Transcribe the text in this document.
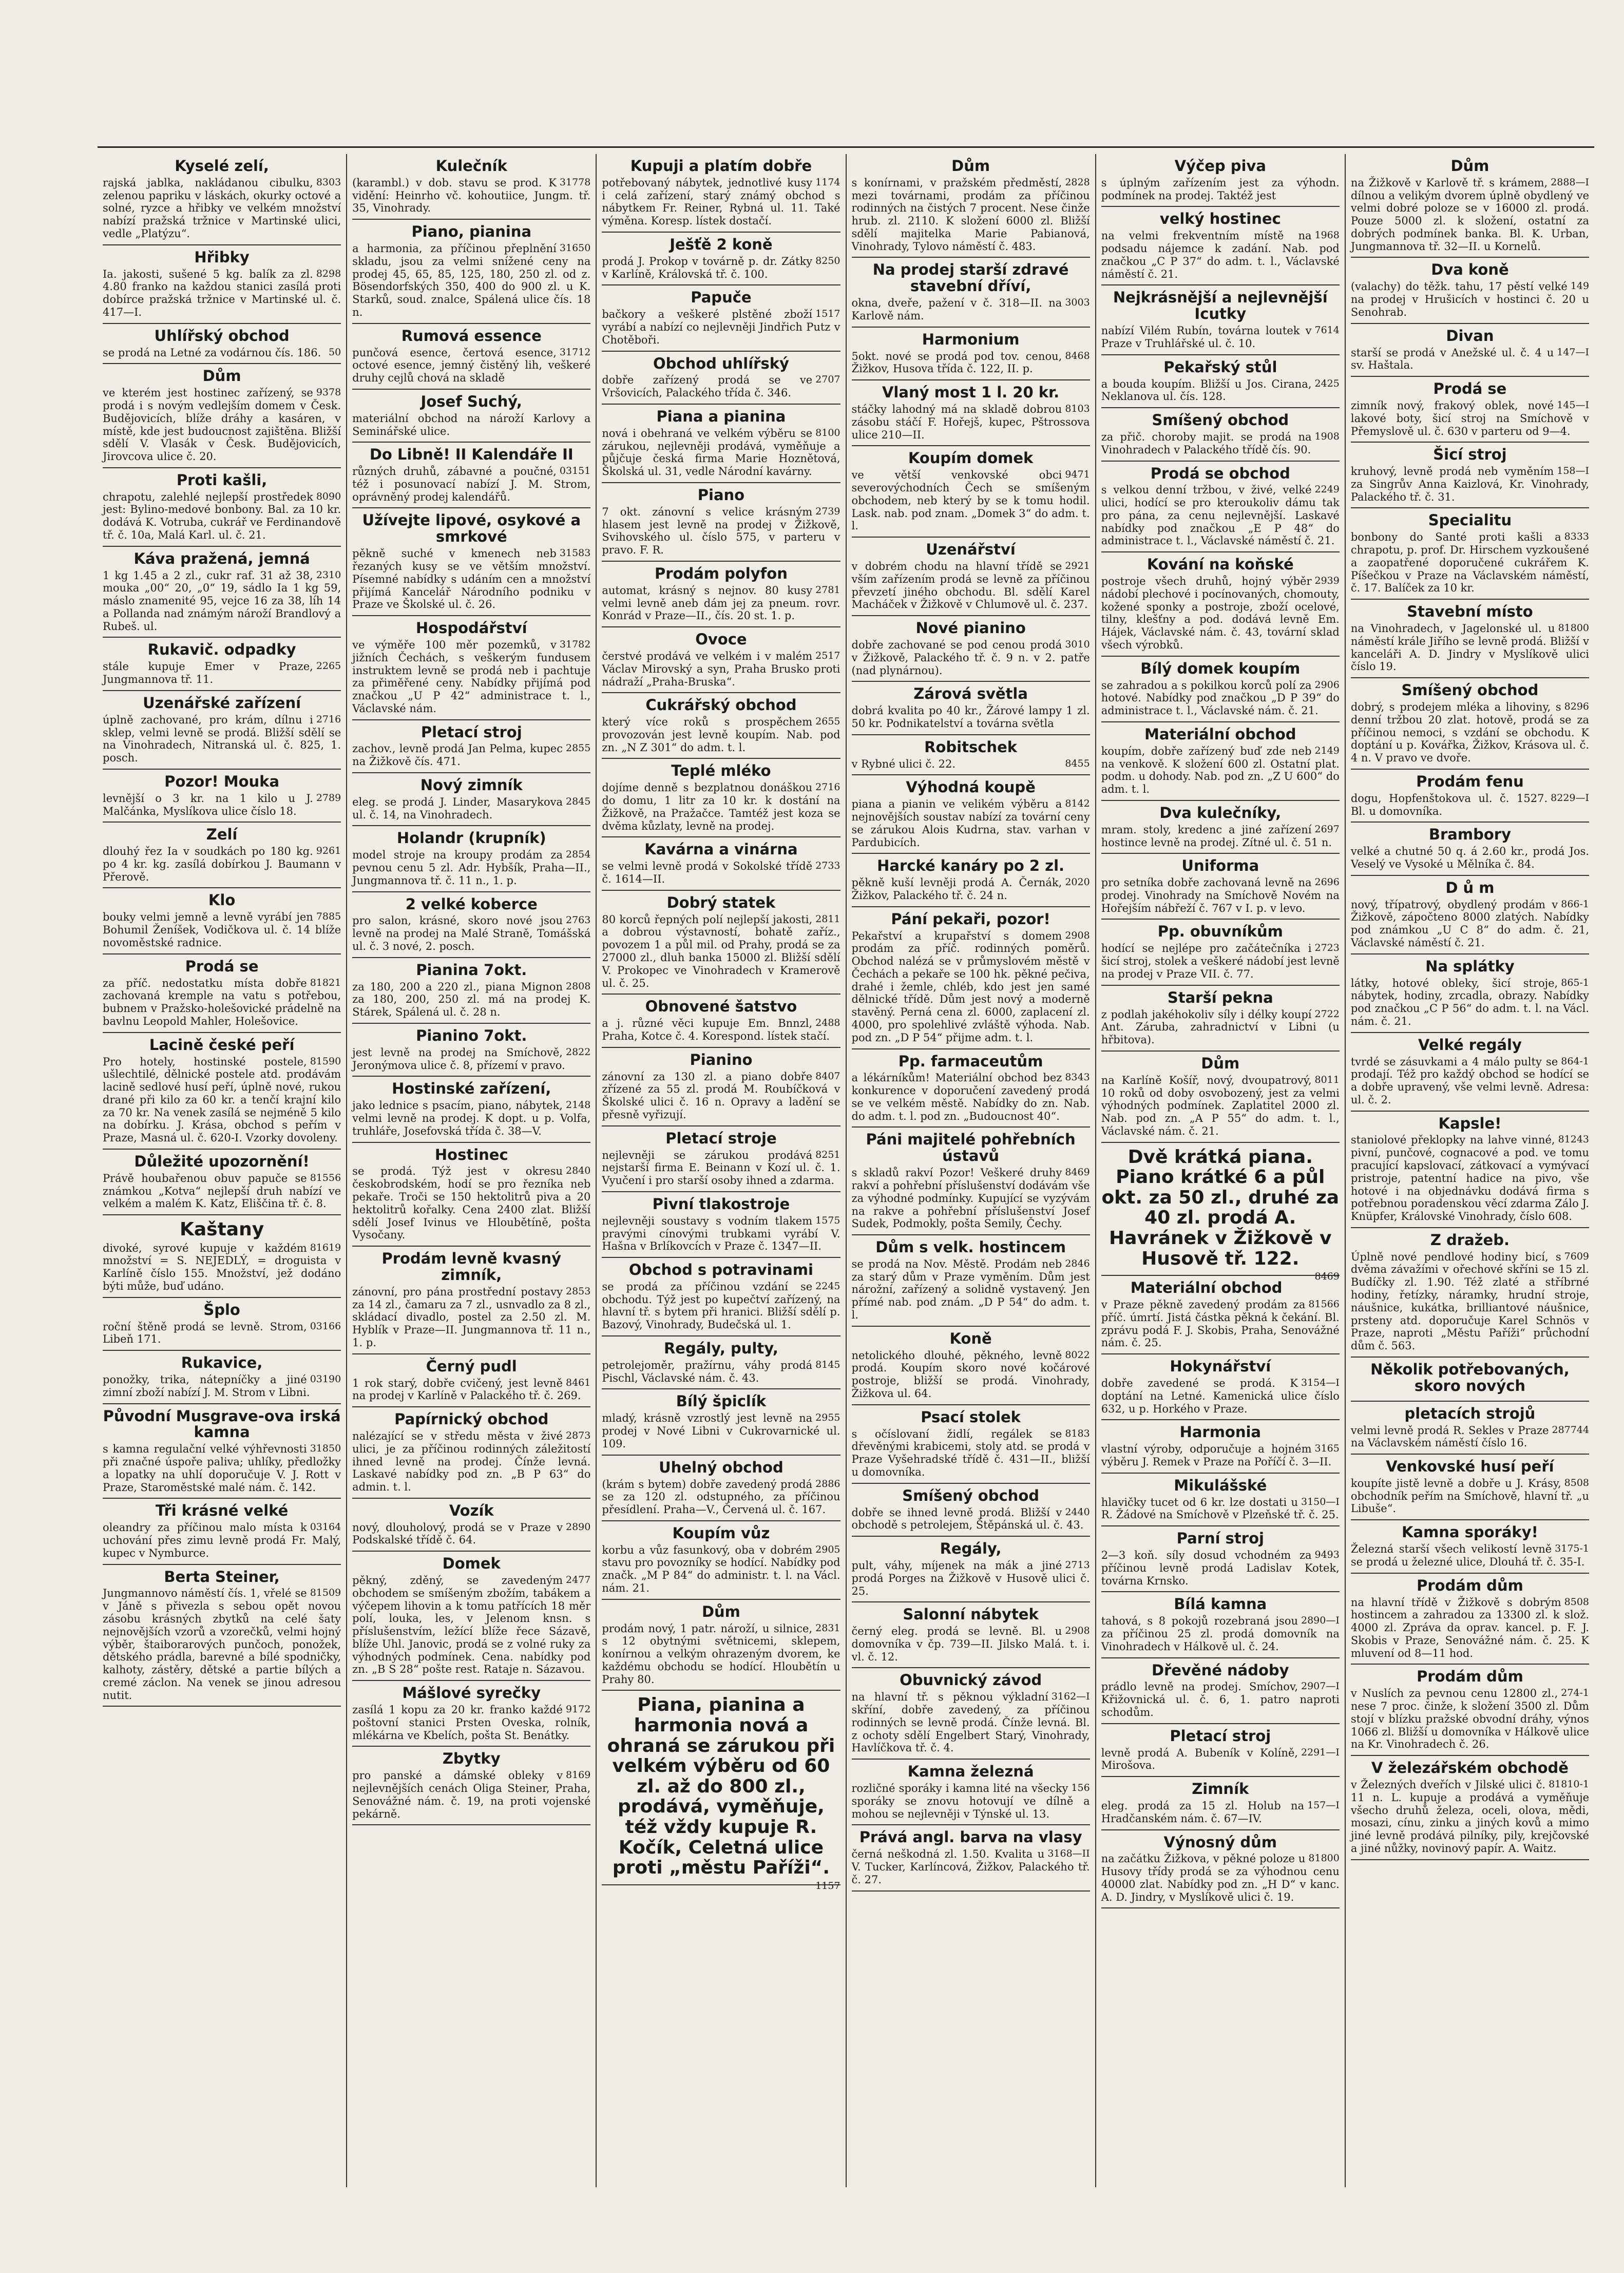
Kyselé zelí,

8303
rajská jablka, nakládanou cibulku, zelenou papriku v láskách, okurky octové a solné, ryzce a hřibky ve velkém množství nabízí pražská tržnice v Martinské ulici, vedle „Platýzu“.

Hřibky

8298
Ia. jakosti, sušené 5 kg. balík za zl. 4.80 franko na každou stanici zasílá proti dobírce pražská tržnice v Martinské ul. č. 417—I.

Uhlířský obchod

50
se prodá na Letné za vodárnou čís. 186.

Dům

9378
ve kterém jest hostinec zařízený, se prodá i s novým vedlejším domem v Česk. Budějovicích, blíže dráhy a kasáren, v místě, kde jest budoucnost zajištěna. Bližší sdělí V. Vlasák v Česk. Budějovicích, Jirovcova ulice č. 20.

Proti kašli,

8090
chrapotu, zalehlé nejlepší prostředek jest: Bylino-medové bonbony. Bal. za 10 kr. dodává K. Votruba, cukrář ve Ferdinandově tř. č. 10a, Malá Karl. ul. č. 21.

Káva pražená, jemná

2310
1 kg 1.45 a 2 zl., cukr raf. 31 až 38, mouka „00“ 20, „0“ 19, sádlo Ia 1 kg 59, máslo znamenité 95, vejce 16 za 38, líh 14 a Pollanda nad známým nároží Brandlový a Rubeš. ul.

Rukavič. odpadky

2265
stále kupuje Emer v Praze, Jungmannova tř. 11.

Uzenářské zařízení

2716
úplně zachované, pro krám, dílnu i sklep, velmi levně se prodá. Bližší sdělí se na Vinohradech, Nitranská ul. č. 825, 1. posch.

Pozor! Mouka

2789
levnější o 3 kr. na 1 kilo u J. Malčánka, Myslíkova ulice číslo 18.

Zelí

9261
dlouhý řez Ia v soudkách po 180 kg. po 4 kr. kg. zasílá dobírkou J. Baumann v Přerově.

Klo

7885
bouky velmi jemně a levně vyrábí jen Bohumil Ženíšek, Vodičkova ul. č. 14 blíže novoměstské radnice.

Prodá se

81821
za příč. nedostatku místa dobře zachovaná kremple na vatu s potřebou, bubnem v Pražsko-holešovické prádelně na bavlnu Leopold Mahler, Holešovice.

Lacině české peří

81590
Pro hotely, hostinské postele, ušlechtilé, dělnické postele atd. prodávám lacině sedlové husí peří, úplně nové, rukou drané při kilo za 60 kr. a tenčí krajní kilo za 70 kr. Na venek zasílá se nejméně 5 kilo na dobírku. J. Krása, obchod s peřím v Praze, Masná ul. č. 620-I. Vzorky dovoleny.

Důležité upozornění!

81556
Právě houbařenou obuv papuče se známkou „Kotva“ nejlepší druh nabízí ve velkém a malém K. Katz, Eliščina tř. č. 8.

Kaštany

81619
divoké, syrové kupuje v každém množství = S. NEJEDLÝ, = droguista v Karlíně číslo 155. Množství, jež dodáno býti může, buď udáno.

Šplo

03166
roční štěně prodá se levně. Strom, Libeň 171.

Rukavice,

03190
ponožky, trika, nátepníčky a jiné zimní zboží nabízí J. M. Strom v Libni.

Původní Musgrave-ova irská kamna

31850
s kamna regulační velké výhřevnosti při značné úspoře paliva; uhlíky, předložky a lopatky na uhlí doporučuje V. J. Rott v Praze, Staroměstské malé nám. č. 142.

Tři krásné velké

03164
oleandry za příčinou malo místa k uchování přes zimu levně prodá Fr. Malý, kupec v Nymburce.

Berta Steiner,

81509
Jungmannovo náměstí čís. 1, vřelé se v Jáně s přivezla s sebou opět novou zásobu krásných zbytků na celé šaty nejnovějších vzorů a vzorečků, velmi hojný výběr, štaiborarových punčoch, ponožek, dětského prádla, barevné a bílé spodničky, kalhoty, zástěry, dětské a partie bílých a cremé záclon. Na venek se jinou adresou nutit.

Kulečník

31778
(karambl.) v dob. stavu se prod. K vidění: Heinrho vč. kohoutiice, Jungm. tř. 35, Vinohrady.

Piano, pianina

31650
a harmonia, za příčinou přeplnění skladu, jsou za velmi snížené ceny na prodej 45, 65, 85, 125, 180, 250 zl. od z. Bösendorfských 350, 400 do 900 zl. u K. Starků, soud. znalce, Spálená ulice čís. 18 n.

Rumová essence

31712
punčová esence, čertová esence, octové esence, jemný čistěný lih, veškeré druhy cejlů chová na skladě

Josef Suchý,

materiální obchod na nároží Karlovy a Seminářské ulice.

Do Libně! II Kalendáře II

03151
různých druhů, zábavné a poučné, též i posunovací nabízí J. M. Strom, oprávněný prodej kalendářů.

Užívejte lipové, osykové a smrkové

31583
pěkně suché v kmenech neb řezaných kusy se ve větším množství. Písemné nabídky s udáním cen a množství přijímá Kancelář Národního podniku v Praze ve Školské ul. č. 26.

Hospodářství

31782
ve výměře 100 měr pozemků, v jižních Čechách, s veškerým fundusem instruktem levně se prodá neb i pachtuje za přiměřené ceny. Nabídky přijímá pod značkou „U P 42“ administrace t. l., Václavské nám.

Pletací stroj

2855
zachov., levně prodá Jan Pelma, kupec na Žižkově čís. 471.

Nový zimník

2845
eleg. se prodá J. Linder, Masarykova ul. č. 14, na Vinohradech.

Holandr (krupník)

2854
model stroje na kroupy prodám za pevnou cenu 5 zl. Adr. Hybšík, Praha—II., Jungmannova tř. č. 11 n., 1. p.

2 velké koberce

2763
pro salon, krásné, skoro nové jsou levně na prodej na Malé Straně, Tomášská ul. č. 3 nové, 2. posch.

Pianina 7okt.

2808
za 180, 200 a 220 zl., piana Mignon za 180, 200, 250 zl. má na prodej K. Stárek, Spálená ul. č. 28 n.

Pianino 7okt.

2822
jest levně na prodej na Smíchově, Jeronýmova ulice č. 8, přízemí v pravo.

Hostinské zařízení,

2148
jako lednice s psacím, piano, nábytek, velmi levně na prodej. K dopt. u p. Volfa, truhláře, Josefovská třída č. 38—V.

Hostinec

2840
se prodá. Týž jest v okresu českobrodském, hodí se pro řezníka neb pekaře. Troči se 150 hektolitrů piva a 20 hektolitrů kořalky. Cena 2400 zlat. Bližší sdělí Josef Ivinus ve Hloubětíně, pošta Vysočany.

Prodám levně kvasný zimník,

2853
zánovní, pro pána prostřední postavy za 14 zl., čamaru za 7 zl., usnvadlo za 8 zl., skládací divadlo, postel za 2.50 zl. M. Hyblík v Praze—II. Jungmannova tř. 11 n., 1. p.

Černý pudl

8461
1 rok starý, dobře cvičený, jest levně na prodej v Karlíně v Palackého tř. č. 269.

Papírnický obchod

2873
nalézající se v středu města v živé ulici, je za příčinou rodinných záležitostí ihned levně na prodej. Čínže levná. Laskavé nabídky pod zn. „B P 63“ do admin. t. l.

Vozík

2890
nový, dlouholový, prodá se v Praze v Podskalské třídě č. 64.

Domek

2477
pěkný, zděný, se zavedeným obchodem se smíšeným zbožím, tabákem a výčepem lihovin a k tomu patřících 18 měr polí, louka, les, v Jelenom knsn. s příslušenstvím, ležící blíže řece Sázavě, blíže Uhl. Janovic, prodá se z volné ruky za výhodných podmínek. Cena. nabídky pod zn. „B S 28“ pošte rest. Rataje n. Sázavou.

Mášlové syrečky

9172
zasílá 1 kopu za 20 kr. franko každé poštovní stanici Prsten Oveska, rolník, mlékárna ve Kbelích, pošta St. Benátky.

Zbytky

8169
pro panské a dámské obleky v nejlevnějších cenách Oliga Steiner, Praha, Senovážné nám. č. 19, na proti vojenské pekárně.

Kupuji a platím dobře

1174
potřebovaný nábytek, jednotlivé kusy i celá zařízení, starý známý obchod s nábytkem Fr. Reiner, Rybná ul. 11. Také výměna. Koresp. lístek dostačí.

Ješťě 2 koně

8250
prodá J. Prokop v továrně p. dr. Zátky v Karlíně, Královská tř. č. 100.

Papuče

1517
bačkory a veškeré plstěné zboží vyrábí a nabízí co nejlevněji Jindřich Putz v Chotěboři.

Obchod uhlířský

2707
dobře zařízený prodá se ve Vršovicích, Palackého třída č. 346.

Piana a pianina

8100
nová i obehraná ve velkém výběru se zárukou, nejlevněji prodává, vyměňuje a půjčuje česká firma Marie Hoznětová, Školská ul. 31, vedle Národní kavárny.

Piano

2739
7 okt. zánovní s velice krásným hlasem jest levně na prodej v Žižkově, Svihovského ul. číslo 575, v parteru v pravo. F. R.

Prodám polyfon

2781
automat, krásný s nejnov. 80 kusy velmi levně aneb dám jej za pneum. rovr. Konrád v Praze—II., čís. 20 st. 1. p.

Ovoce

2517
čerstvé prodává ve velkém i v malém Václav Mirovský a syn, Praha Brusko proti nádraží „Praha-Bruska“.

Cukrářský obchod

2655
který více roků s prospěchem provozován jest levně koupím. Nab. pod zn. „N Z 301“ do adm. t. l.

Teplé mléko

2716
dojíme denně s bezplatnou donáškou do domu, 1 litr za 10 kr. k dostání na Žižkově, na Pražačce. Tamtéž jest koza se dvěma kůzlaty, levně na prodej.

Kavárna a vinárna

2733
se velmi levně prodá v Sokolské třídě č. 1614—II.

Dobrý statek

2811
80 korců řepných polí nejlepší jakosti, a dobrou výstavností, bohatě zaříz., povozem 1 a půl mil. od Prahy, prodá se za 27000 zl., dluh banka 15000 zl. Bližší sdělí V. Prokopec ve Vinohradech v Kramerově ul. č. 25.

Obnovené šatstvo

2488
a j. různé věci kupuje Em. Bnnzl, Praha, Kotce č. 4. Korespond. lístek stačí.

Pianino

8407
zánovní za 130 zl. a piano dobře zřízené za 55 zl. prodá M. Roubíčková v Školské ulici č. 16 n. Opravy a ladění se přesně vyřizují.

Pletací stroje

8251
nejlevněji se zárukou prodává nejstarší firma E. Beinann v Kozí ul. č. 1. Vyučení i pro starší osoby ihned a zdarma.

Pivní tlakostroje

1575
nejlevněji soustavy s vodním tlakem pravými cínovými trubkami vyrábí V. Hašna v Brlíkovcích v Praze č. 1347—II.

Obchod s potravinami

2245
se prodá za příčinou vzdání se obchodu. Týž jest po kupečtví zařízený, na hlavní tř. s bytem při hranici. Bližší sdělí p. Bazový, Vinohrady, Budečská ul. 1.

Regály, pulty,

8145
petrolejoměr, pražírnu, váhy prodá Pischl, Václavské nám. č. 43.

Bílý špiclík

2955
mladý, krásně vzrostlý jest levně na prodej v Nové Libni v Cukrovarnické ul. 109.

Uhelný obchod

2886
(krám s bytem) dobře zavedený prodá se za 120 zl. odstupného, za příčinou přesídlení. Praha—V., Červená ul. č. 167.

Koupím vůz

2905
korbu a vůz fasunkový, oba v dobrém stavu pro povozníky se hodící. Nabídky pod značk. „M P 84“ do administr. t. l. na Václ. nám. 21.

Dům

2831
prodám nový, 1 patr. nároží, u silnice, s 12 obytnými světnicemi, sklepem, konírnou a velkým ohrazeným dvorem, ke každému obchodu se hodící. Hloubětín u Prahy 80.

Piana, pianina a harmonia nová a ohraná se zárukou při velkém výběru od 60 zl. až do 800 zl., prodává, vyměňuje, též vždy kupuje R. Kočík, Celetná ulice proti „městu Paříži“.

1157

Dům

2828
s konírnami, v pražském předměstí, mezi továrnami, prodám za příčinou rodinných na čistých 7 procent. Nese činže hrub. zl. 2110. K složení 6000 zl. Bližší sdělí majitelka Marie Pabianová, Vinohrady, Tylovo náměstí č. 483.

Na prodej starší zdravé stavební dříví,

3003
okna, dveře, pažení v č. 318—II. na Karlově nám.

Harmonium

8468
5okt. nové se prodá pod tov. cenou, Žižkov, Husova třída č. 122, II. p.

Vlaný most 1 l. 20 kr.

8103
stáčky lahodný má na skladě dobrou zásobu stáčí F. Hořejš, kupec, Pštrossova ulice 210—II.

Koupím domek

9471
ve větší venkovské obci severovýchodních Čech se smíšeným obchodem, neb který by se k tomu hodil. Lask. nab. pod znam. „Domek 3“ do adm. t. l.

Uzenářství

2921
v dobrém chodu na hlavní třídě se vším zařízením prodá se levně za příčinou převzetí jiného obchodu. Bl. sdělí Karel Macháček v Žižkově v Chlumově ul. č. 237.

Nové pianino

3010
dobře zachované se pod cenou prodá v Žižkově, Palackého tř. č. 9 n. v 2. patře (nad plynárnou).

Zárová světla

dobrá kvalita po 40 kr., Žárové lampy 1 zl. 50 kr. Podnikatelství a továrna světla

Robitschek

8455
v Rybné ulici č. 22.

Výhodná koupě

8142
piana a pianin ve velikém výběru a nejnovějších soustav nabízí za tovární ceny se zárukou Alois Kudrna, stav. varhan v Pardubicích.

Harcké kanáry po 2 zl.

2020
pěkně kuší levněji prodá A. Černák, Žižkov, Palackého tř. č. 24 n.

Pání pekaři, pozor!

2908
Pekařství a krupařství s domem prodám za příč. rodinných poměrů. Obchod nalézá se v průmyslovém městě v Čechách a pekaře se 100 hk. pěkné pečiva, drahé i žemle, chléb, kdo jest jen samé dělnické třídě. Dům jest nový a moderně stavěný. Perná cena zl. 6000, zaplacení zl. 4000, pro spolehlivé zvláště výhoda. Nab. pod zn. „D P 54“ přijme adm. t. l.

Pp. farmaceutům

8343
a lékárníkům! Materiální obchod bez konkurence v doporučení zavedený prodá se ve velkém městě. Nabídky do zn. Nab. do adm. t. l. pod zn. „Budoucnost 40“.

Páni majitelé pohřebních ústavů

8469
s skladů rakví Pozor! Veškeré druhy rakví a pohřební příslušenství dodávám vše za výhodné podmínky. Kupující se vyzývám na rakve a pohřební příslušenství Josef Sudek, Podmokly, pošta Semily, Čechy.

Dům s velk. hostincem

2846
se prodá na Nov. Městě. Prodám neb za starý dům v Praze vyměním. Dům jest nárožní, zařízený a solidně vystavený. Jen přímé nab. pod znám. „D P 54“ do adm. t. l.

Koně

8022
netolického dlouhé, pěkného, levně prodá. Koupím skoro nové kočárové postroje, bližší se prodá. Vinohrady, Žižkova ul. 64.

Psací stolek

8183
s očíslovaní židlí, regálek se dřevěnými krabicemi, stoly atd. se prodá v Praze Vyšehradské třídě č. 431—II., bližší u domovníka.

Smíšený obchod

2440
dobře se ihned levně prodá. Bližší v obchodě s petrolejem, Štěpánská ul. č. 43.

Regály,

2713
pult, váhy, míjenek na mák a jiné prodá Porges na Žižkově v Husově ulici č. 25.

Salonní nábytek

2908
černý eleg. prodá se levně. Bl. u domovníka v čp. 739—II. Jilsko Malá. t. i. vl. č. 12.

Obuvnický závod

3162—I
na hlavní tř. s pěknou výkladní skříní, dobře zavedený, za příčinou rodinných se levně prodá. Čínže levná. Bl. z ochoty sdělí Engelbert Starý, Vinohrady, Havlíčkova tř. č. 4.

Kamna železná

156
rozličné sporáky i kamna lité na všecky sporáky se znovu hotovují ve dílně a mohou se nejlevněji v Týnské ul. 13.

Prává angl. barva na vlasy

3168—II
černá neškodná zl. 1.50. Kvalita u V. Tucker, Karlíncová, Žižkov, Palackého tř. č. 27.

Výčep piva

s úplným zařízením jest za výhodn. podmínek na prodej. Taktéž jest

velký hostinec

1968
na velmi frekventním místě na podsadu nájemce k zadání. Nab. pod značkou „C P 37“ do adm. t. l., Václavské náměstí č. 21.

Nejkrásnější a nejlevnější Icutky

7614
nabízí Vilém Rubín, továrna loutek v Praze v Truhlářské ul. č. 10.

Pekařský stůl

2425
a bouda koupím. Bližší u Jos. Cirana, Neklanova ul. čís. 128.

Smíšený obchod

1908
za přič. choroby majit. se prodá na Vinohradech v Palackého třídě čís. 90.

Prodá se obchod

2249
s velkou denní tržbou, v živé, velké ulici, hodící se pro kteroukoliv dámu tak pro pána, za cenu nejlevnější. Laskavé nabídky pod značkou „E P 48“ do administrace t. l., Václavské náměstí č. 21.

Kování na koňské

2939
postroje všech druhů, hojný výběr nádobí plechové i pocínovaných, chomouty, kožené sponky a postroje, zboží ocelové, tilny, klešťny a pod. dodává levně Em. Hájek, Václavské nám. č. 43, tovární sklad všech výrobků.

Bílý domek koupím

2906
se zahradou a s pokilkou korců polí za hotové. Nabídky pod značkou „D P 39“ do administrace t. l., Václavské nám. č. 21.

Materiální obchod

2149
koupím, dobře zařízený buď zde neb na venkově. K složení 600 zl. Ostatní plat. podm. u dohody. Nab. pod zn. „Z U 600“ do adm. t. l.

Dva kulečníky,

2697
mram. stoly, kredenc a jiné zařízení hostince levně na prodej. Zítné ul. č. 51 n.

Uniforma

2696
pro setníka dobře zachovaná levně na prodej. Vinohrady na Smíchově Novém na Hořejším nábřeží č. 767 v I. p. v levo.

Pp. obuvníkům

2723
hodící se nejlépe pro začátečníka i šicí stroj, stolek a veškeré nádobí jest levně na prodej v Praze VII. č. 77.

Starší pekna

2722
z podlah jakéhokoliv síly i délky koupí Ant. Záruba, zahradnictví v Libni (u hřbitova).

Dům

8011
na Karlíně Košíř, nový, dvoupatrový, 10 roků od doby osvobozený, jest za velmi výhodných podmínek. Zaplatitel 2000 zl. Nab. pod zn. „A P 55“ do adm. t. l., Václavské nám. č. 21.

Dvě krátká piana. Piano krátké 6 a půl okt. za 50 zl., druhé za 40 zl. prodá A. Havránek v Žižkově v Husově tř. 122.

8469

Materiální obchod

81566
v Praze pěkně zavedený prodám za příč. úmrtí. Jistá částka pěkná k čekání. Bl. zprávu podá F. J. Skobis, Praha, Senovážné nám. č. 25.

Hokynářství

3154—I
dobře zavedené se prodá. K doptání na Letné. Kamenická ulice číslo 632, u p. Horkého v Praze.

Harmonia

3165
vlastní výroby, odporučuje a hojném výběru J. Remek v Praze na Poříčí č. 3—II.

Mikulášské

3150—I
hlavičky tucet od 6 kr. lze dostati u R. Žádové na Smíchově v Plzeňské tř. č. 25.

Parní stroj

9493
2—3 koň. síly dosud vchodném za příčinou levně prodá Ladislav Kotek, továrna Krnsko.

Bílá kamna

2890—I
tahová, s 8 pokojů rozebraná jsou za příčinou 25 zl. prodá domovník na Vinohradech v Hálkově ul. č. 24.

Dřevěné nádoby

2907—I
prádlo levně na prodej. Smíchov, Křižovnická ul. č. 6, 1. patro naproti schodům.

Pletací stroj

2291—I
levně prodá A. Bubeník v Kolíně, Mirošova.

Zimník

157—I
eleg. prodá za 15 zl. Holub na Hradčanském nám. č. 67—IV.

Výnosný dům

81800
na začátku Žižkova, v pěkné poloze u Husovy třídy prodá se za výhodnou cenu 40000 zlat. Nabídky pod zn. „H D“ v kanc. A. D. Jindry, v Myslíkově ulici č. 19.

Dům

2888—I
na Žižkově v Karlově tř. s krámem, dílnou a velikým dvorem úplně obydlený ve velmi dobré poloze se v 16000 zl. prodá. Pouze 5000 zl. k složení, ostatní za dobrých podmínek banka. Bl. K. Urban, Jungmannova tř. 32—II. u Kornelů.

Dva koně

149
(valachy) do těžk. tahu, 17 pěstí velké na prodej v Hrušicích v hostinci č. 20 u Senohrab.

Divan

147—I
starší se prodá v Anežské ul. č. 4 u sv. Haštala.

Prodá se

145—I
zimník nový, frakový oblek, nové lakové boty, šicí stroj na Smíchově v Přemyslově ul. č. 630 v parteru od 9—4.

Šicí stroj

158—I
kruhový, levně prodá neb vyměním za Singrův Anna Kaizlová, Kr. Vinohrady, Palackého tř. č. 31.

Specialitu

8333
bonbony do Santé proti kašli a chrapotu, p. prof. Dr. Hirschem vyzkoušené a zaopatřené doporučené cukrářem K. Píšečkou v Praze na Václavském náměstí, č. 17. Balíček za 10 kr.

Stavební místo

81800
na Vinohradech, v Jagelonské ul. u náměstí krále Jiřího se levně prodá. Bližší v kanceláři A. D. Jindry v Myslíkově ulici číslo 19.

Smíšený obchod

8296
dobrý, s prodejem mléka a lihoviny, s denní tržbou 20 zlat. hotově, prodá se za příčinou nemoci, s vzdání se obchodu. K doptání u p. Kovářka, Žižkov, Krásova ul. č. 4 n. V pravo ve dvoře.

Prodám fenu

8229—I
dogu, Hopfenštokova ul. č. 1527. Bl. u domovníka.

Brambory

velké a chutné 50 q. á 2.60 kr., prodá Jos. Veselý ve Vysoké u Mělníka č. 84.

D ů m

866-1
nový, třípatrový, obydlený prodám v Žižkově, zápočteno 8000 zlatých. Nabídky pod známkou „U C 8“ do adm. č. 21, Václavské náměstí č. 21.

Na splátky

865-1
látky, hotové obleky, šicí stroje, nábytek, hodiny, zrcadla, obrazy. Nabídky pod značkou „C P 56“ do adm. t. l. na Václ. nám. č. 21.

Velké regály

864-1
tvrdé se zásuvkami a 4 málo pulty se prodají. Též pro každý obchod se hodící se a dobře upravený, vše velmi levně. Adresa: ul. č. 2.

Kapsle!

81243
staniolové překlopky na lahve vinné, pivní, punčové, cognacové a pod. ve tomu pracující kapslovací, zátkovací a vymývací pristroje, patentní hadice na pivo, vše hotové i na objednávku dodává firma s potřebnou poradenskou věcí zdarma Zálo J. Knüpfer, Královské Vinohrady, číslo 608.

Z dražeb.

7609
Úplně nové pendlové hodiny bicí, s dvěma závažími v ořechové skříni se 15 zl. Budíčky zl. 1.90. Též zlaté a stříbrné hodiny, řetízky, náramky, hrudní stroje, náušnice, kukátka, brilliantové náušnice, prsteny atd. doporučuje Karel Schnös v Praze, naproti „Městu Paříži“ průchodní dům č. 563.

Několik potřebovaných, skoro nových

pletacích strojů

287744
velmi levně prodá R. Sekles v Praze na Václavském náměstí číslo 16.

Venkovské husí peří

8508
koupíte jistě levně a dobře u J. Krásy, obchodník peřím na Smíchově, hlavní tř. „u Libuše“.

Kamna sporáky!

3175-1
Železná starší všech velikostí levně se prodá u železné ulice, Dlouhá tř. č. 35-I.

Prodám dům

8508
na hlavní třídě v Žižkově s dobrým hostincem a zahradou za 13300 zl. k slož. 4000 zl. Zpráva da oprav. kancel. p. F. J. Skobis v Praze, Senovážné nám. č. 25. K mluvení od 8—11 hod.

Prodám dům

274-1
v Nuslích za pevnou cenu 12800 zl., nese 7 proc. činže, k složení 3500 zl. Dům stojí v blízku pražské obvodní dráhy, výnos 1066 zl. Bližší u domovníka v Hálkově ulice na Kr. Vinohradech č. 26.

V železářském obchodě

81810-1
v Železných dveřích v Jilské ulici č. 11 n. L. kupuje a prodává a vyměňuje všecho druhů železa, oceli, olova, mědi, mosazi, cínu, zinku a jiných kovů a mimo jiné levně prodává pilníky, pily, krejčovské a jiné nůžky, novinový papír. A. Waitz.
